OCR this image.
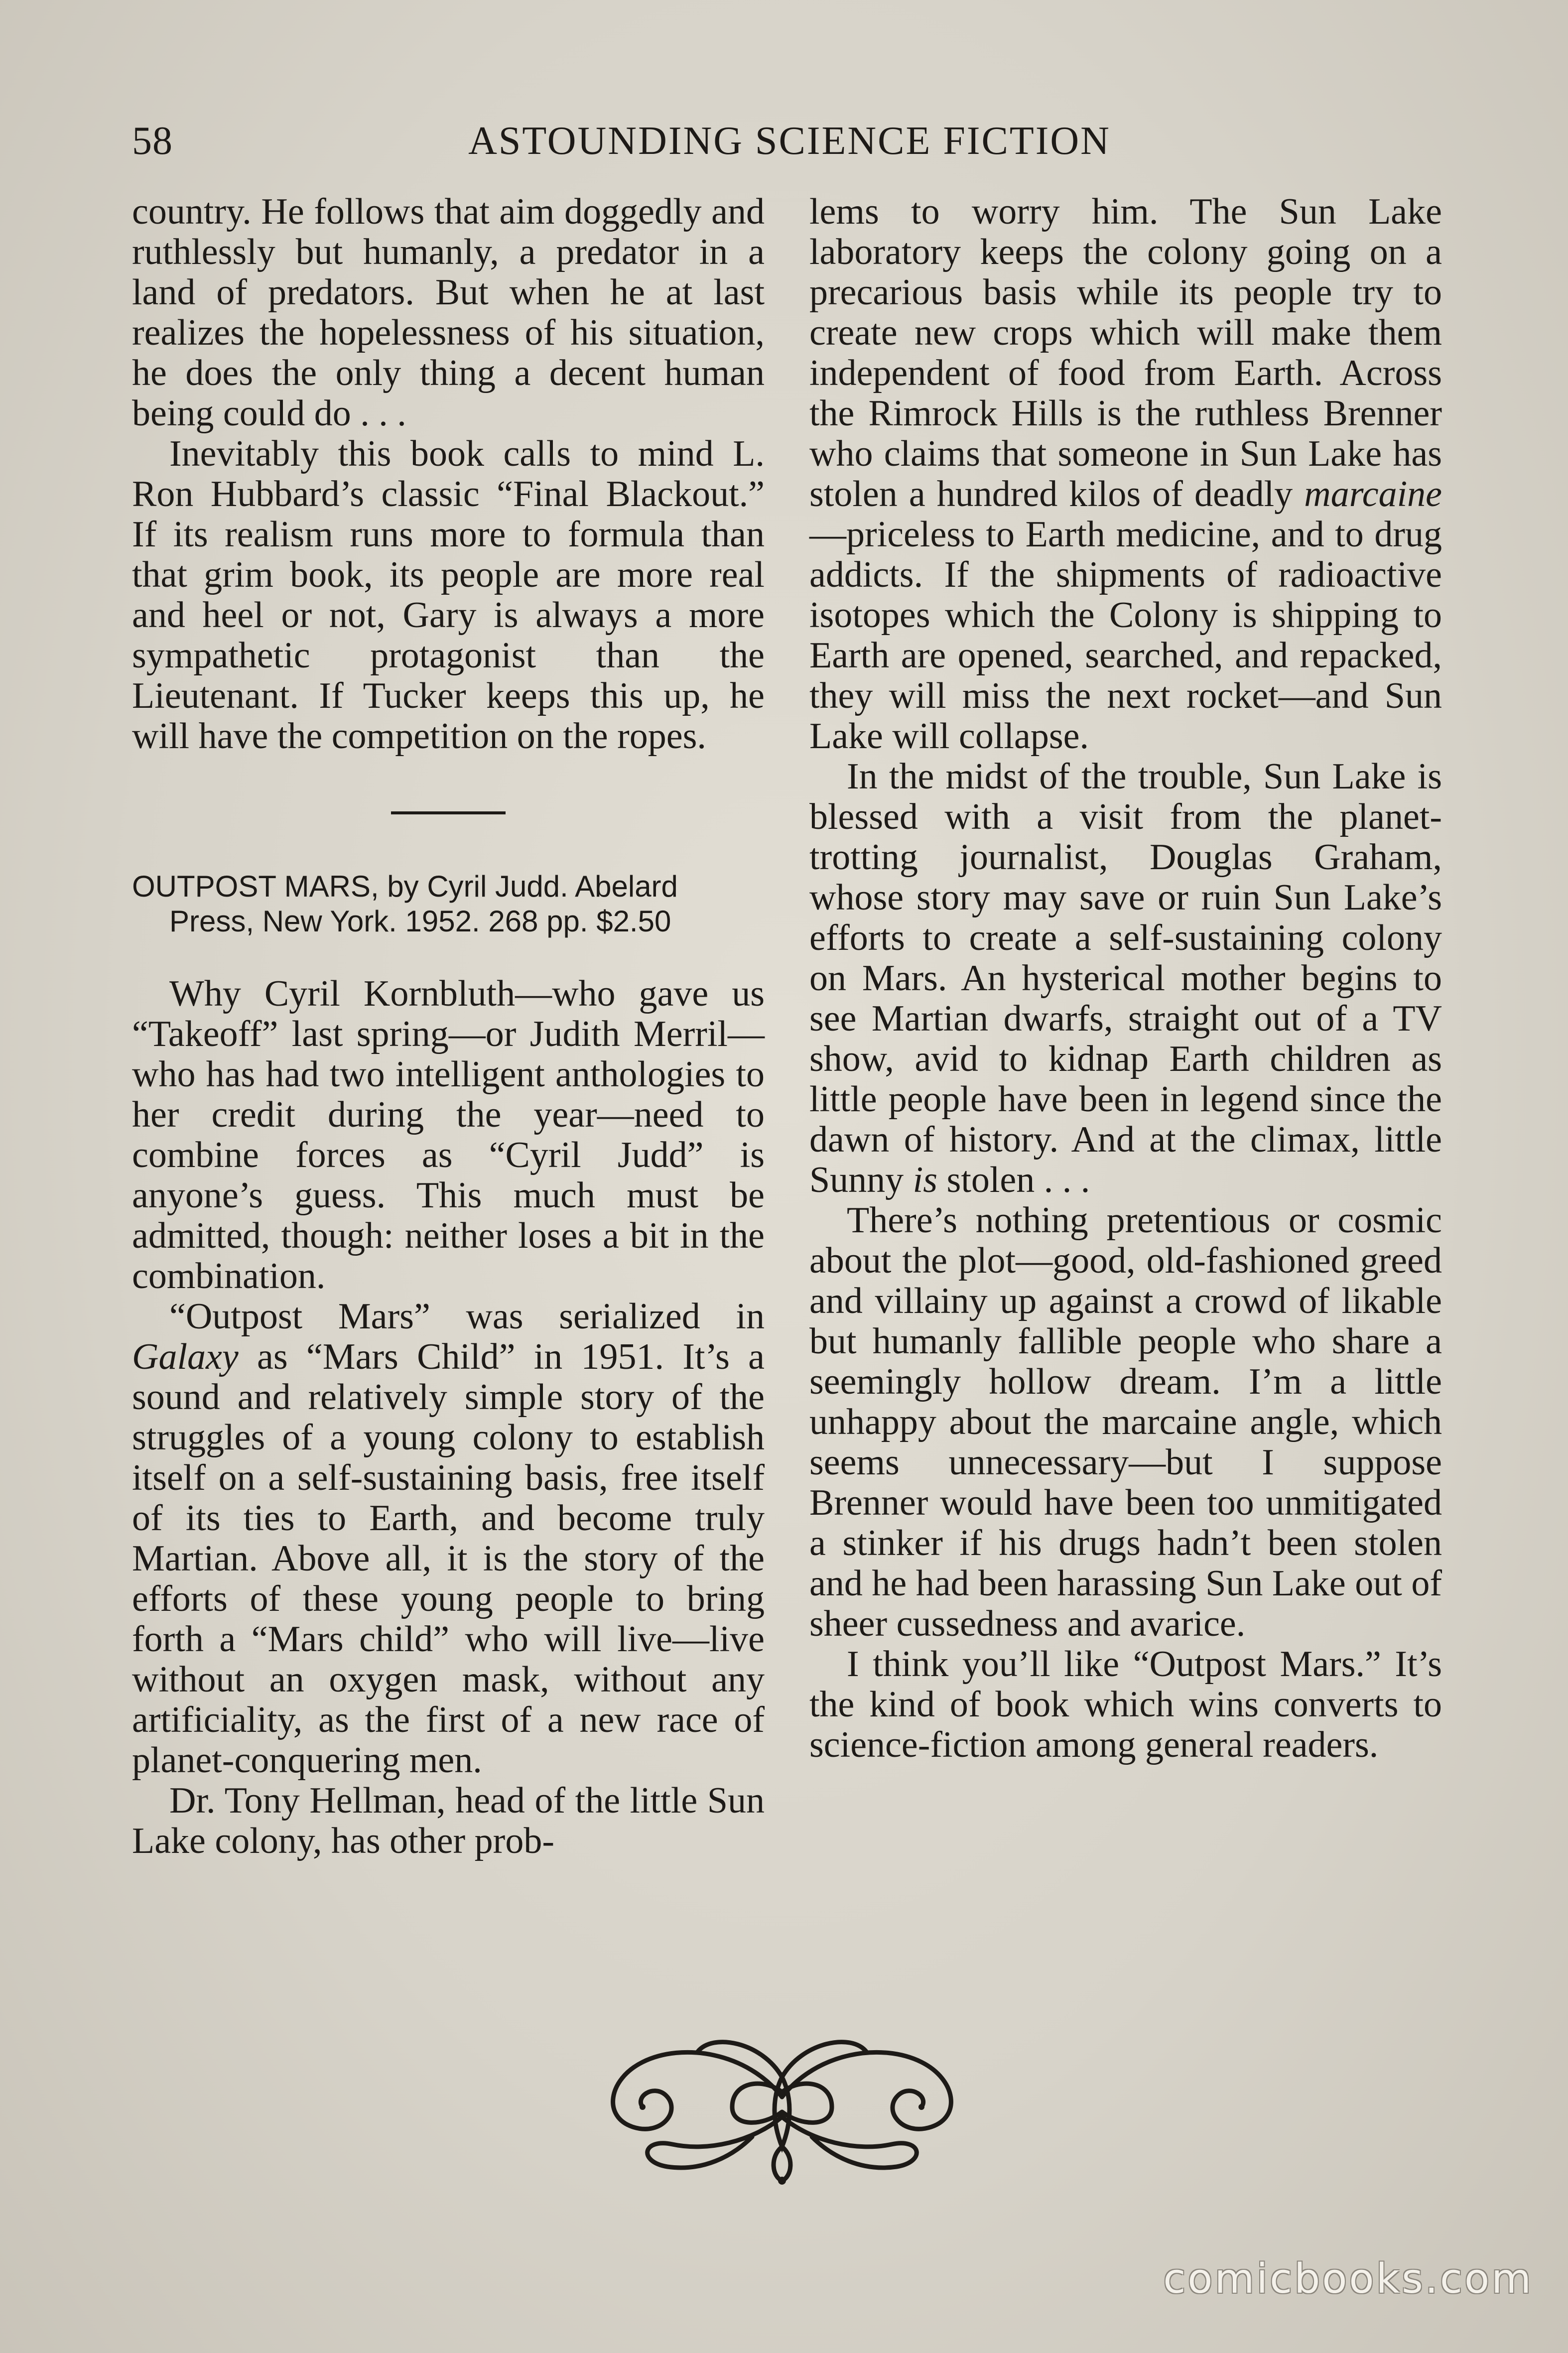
58	ASTOUNDING SCIENCE FICTION

country. He follows that aim doggedly and ruthlessly but humanly, a predator in a land of predators. But when he at last realizes the hopelessness of his situation, he does the only thing a decent human being could do . . .

Inevitably this book calls to mind L. Ron Hubbard’s classic “Final Blackout.” If its realism runs more to formula than that grim book, its people are more real and heel or not, Gary is always a more sympathetic protagonist than the Lieutenant. If Tucker keeps this up, he will have the competition on the ropes.

OUTPOST MARS, by Cyril Judd. Abelard Press, New York. 1952. 268 pp. $2.50

Why Cyril Kornbluth—who gave us “Takeoff” last spring—or Judith Merril—who has had two intelligent anthologies to her credit during the year—need to combine forces as “Cyril Judd” is anyone’s guess. This much must be admitted, though: neither loses a bit in the combination.

“Outpost Mars” was serialized in Galaxy as “Mars Child” in 1951. It’s a sound and relatively simple story of the struggles of a young colony to establish itself on a self-sustaining basis, free itself of its ties to Earth, and become truly Martian. Above all, it is the story of the efforts of these young people to bring forth a “Mars child” who will live—live without an oxygen mask, without any artificiality, as the first of a new race of planet-conquering men.

Dr. Tony Hellman, head of the little Sun Lake colony, has other prob-

lems to worry him. The Sun Lake laboratory keeps the colony going on a precarious basis while its people try to create new crops which will make them independent of food from Earth. Across the Rimrock Hills is the ruthless Brenner who claims that someone in Sun Lake has stolen a hundred kilos of deadly marcaine—priceless to Earth medicine, and to drug addicts. If the shipments of radioactive isotopes which the Colony is shipping to Earth are opened, searched, and repacked, they will miss the next rocket—and Sun Lake will collapse.

In the midst of the trouble, Sun Lake is blessed with a visit from the planet-trotting journalist, Douglas Graham, whose story may save or ruin Sun Lake’s efforts to create a self-sustaining colony on Mars. An hysterical mother begins to see Martian dwarfs, straight out of a TV show, avid to kidnap Earth children as little people have been in legend since the dawn of history. And at the climax, little Sunny is stolen . . .

There’s nothing pretentious or cosmic about the plot—good, old-fashioned greed and villainy up against a crowd of likable but humanly fallible people who share a seemingly hollow dream. I’m a little unhappy about the marcaine angle, which seems unnecessary—but I suppose Brenner would have been too unmitigated a stinker if his drugs hadn’t been stolen and he had been harassing Sun Lake out of sheer cussedness and avarice.

I think you’ll like “Outpost Mars.” It’s the kind of book which wins converts to science-fiction among general readers.

comicbooks.com
